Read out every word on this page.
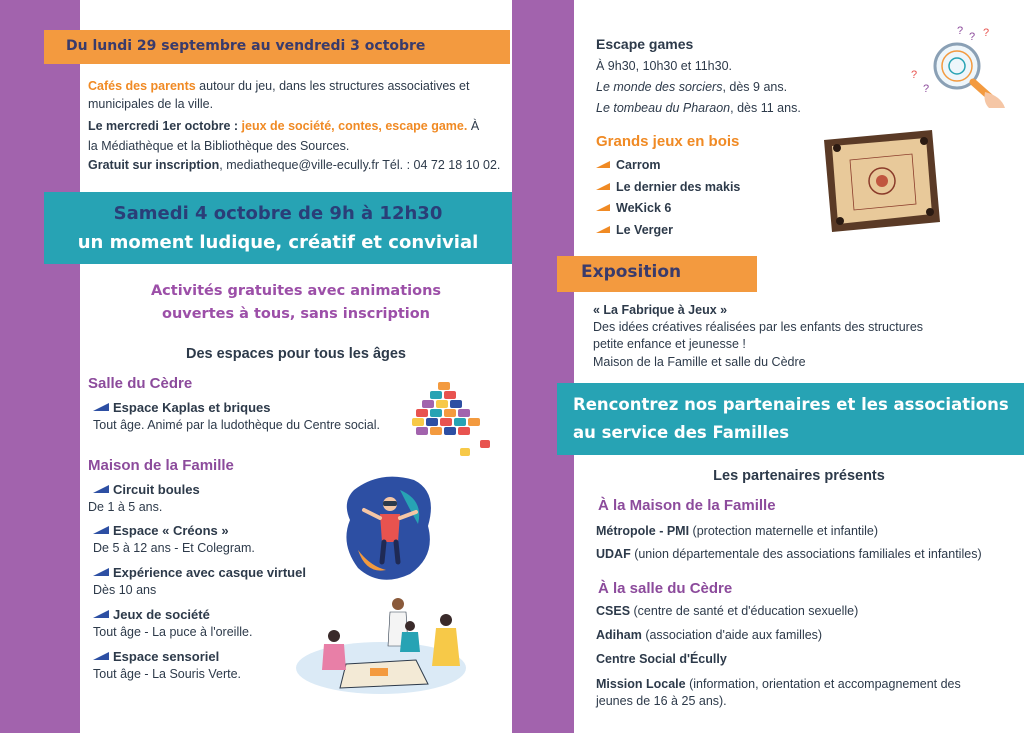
Du lundi 29 septembre au vendredi 3 octobre
Cafés des parents autour du jeu, dans les structures associatives et
municipales de la ville.
Le mercredi 1er octobre : jeux de société, contes, escape game. À
la Médiathèque et la Bibliothèque des Sources.
Gratuit sur inscription, mediatheque@ville-ecully.fr Tél. : 04 72 18 10 02.
Samedi 4 octobre de 9h à 12h30
un moment ludique, créatif et convivial
Activités gratuites avec animations
ouvertes à tous, sans inscription
Des espaces pour tous les âges
Salle du Cèdre
Espace Kaplas et briques
Tout âge. Animé par la ludothèque du Centre social.
Maison de la Famille
Circuit boules
De 1 à 5 ans.
Espace « Créons »
De 5 à 12 ans - Et Colegram.
Expérience avec casque virtuel
Dès 10 ans
Jeux de société
Tout âge - La puce à l'oreille.
Espace sensoriel
Tout âge - La Souris Verte.
Escape games
À 9h30, 10h30 et 11h30.
Le monde des sorciers, dès 9 ans.
Le tombeau du Pharaon, dès 11 ans.
? ? ?
?
?
Grands jeux en bois
Carrom
Le dernier des makis
WeKick 6
Le Verger
Exposition
« La Fabrique à Jeux »
Des idées créatives réalisées par les enfants des structures
petite enfance et jeunesse !
Maison de la Famille et salle du Cèdre
Rencontrez nos partenaires et les associations
au service des Familles
Les partenaires présents
À la Maison de la Famille
Métropole - PMI (protection maternelle et infantile)
UDAF (union départementale des associations familiales et infantiles)
À la salle du Cèdre
CSES (centre de santé et d'éducation sexuelle)
Adiham (association d'aide aux familles)
Centre Social d'Écully
Mission Locale (information, orientation et accompagnement des
jeunes de 16 à 25 ans).
